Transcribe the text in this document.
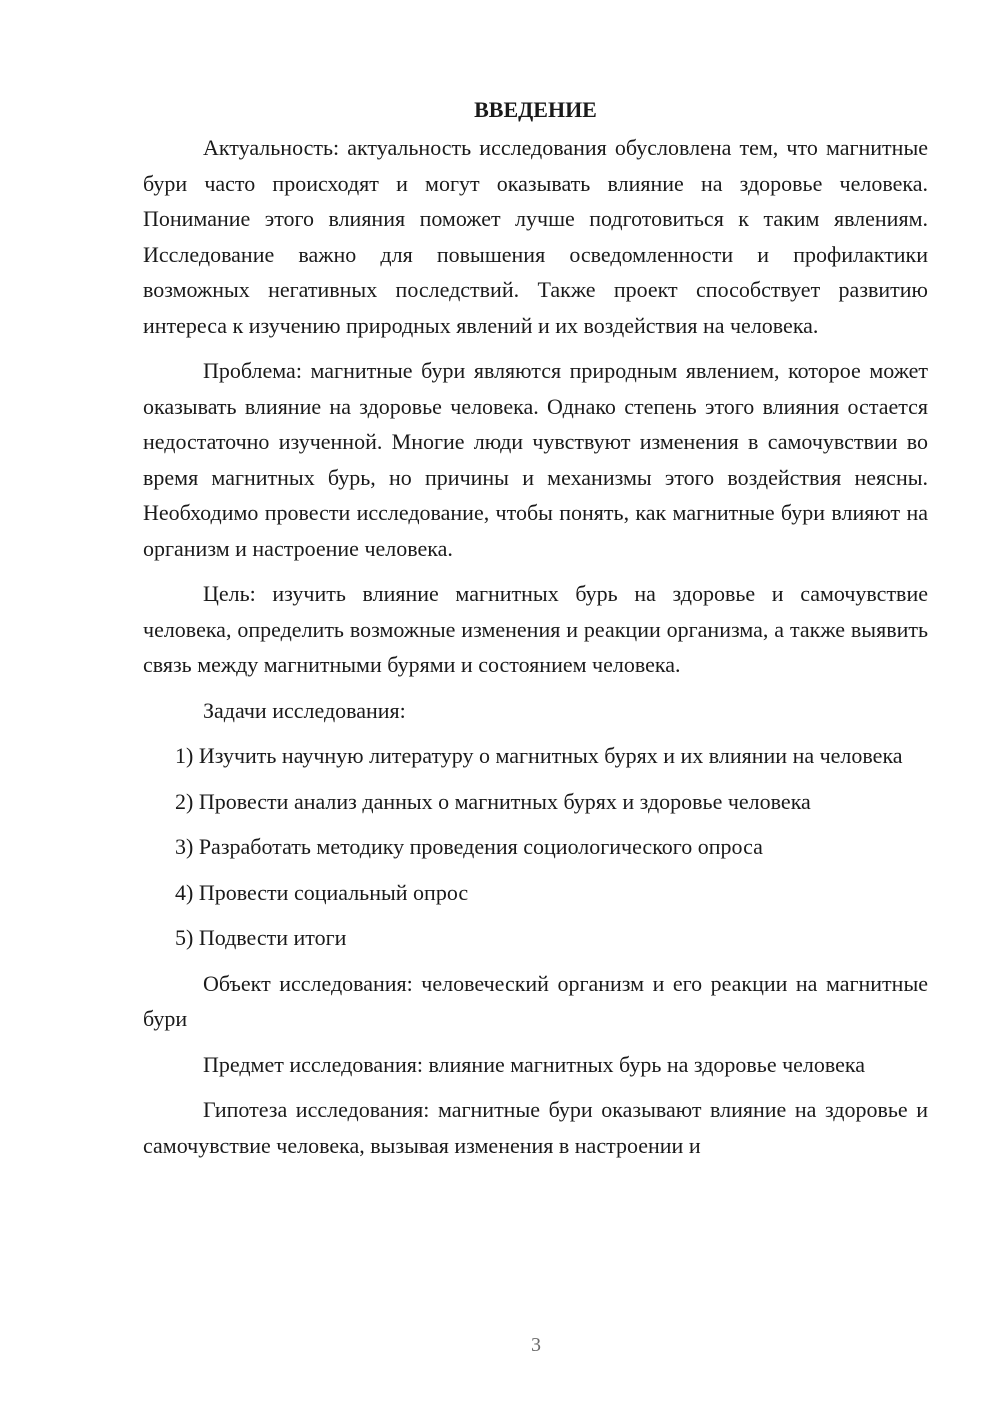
ВВЕДЕНИЕ

Актуальность: актуальность исследования обусловлена тем, что магнитные бури часто происходят и могут оказывать влияние на здоровье человека. Понимание этого влияния поможет лучше подготовиться к таким явлениям. Исследование важно для повышения осведомленности и профилактики возможных негативных последствий. Также проект способствует развитию интереса к изучению природных явлений и их воздействия на человека.

Проблема: магнитные бури являются природным явлением, которое может оказывать влияние на здоровье человека. Однако степень этого влияния остается недостаточно изученной. Многие люди чувствуют изменения в самочувствии во время магнитных бурь, но причины и механизмы этого воздействия неясны. Необходимо провести исследование, чтобы понять, как магнитные бури влияют на организм и настроение человека.

Цель: изучить влияние магнитных бурь на здоровье и самочувствие человека, определить возможные изменения и реакции организма, а также выявить связь между магнитными бурями и состоянием человека.

Задачи исследования:

1) Изучить научную литературу о магнитных бурях и их влиянии на человека

2) Провести анализ данных о магнитных бурях и здоровье человека

3) Разработать методику проведения социологического опроса

4) Провести социальный опрос

5) Подвести итоги

Объект исследования: человеческий организм и его реакции на магнитные бури

Предмет исследования: влияние магнитных бурь на здоровье человека

Гипотеза исследования: магнитные бури оказывают влияние на здоровье и самочувствие человека, вызывая изменения в настроении и

3
